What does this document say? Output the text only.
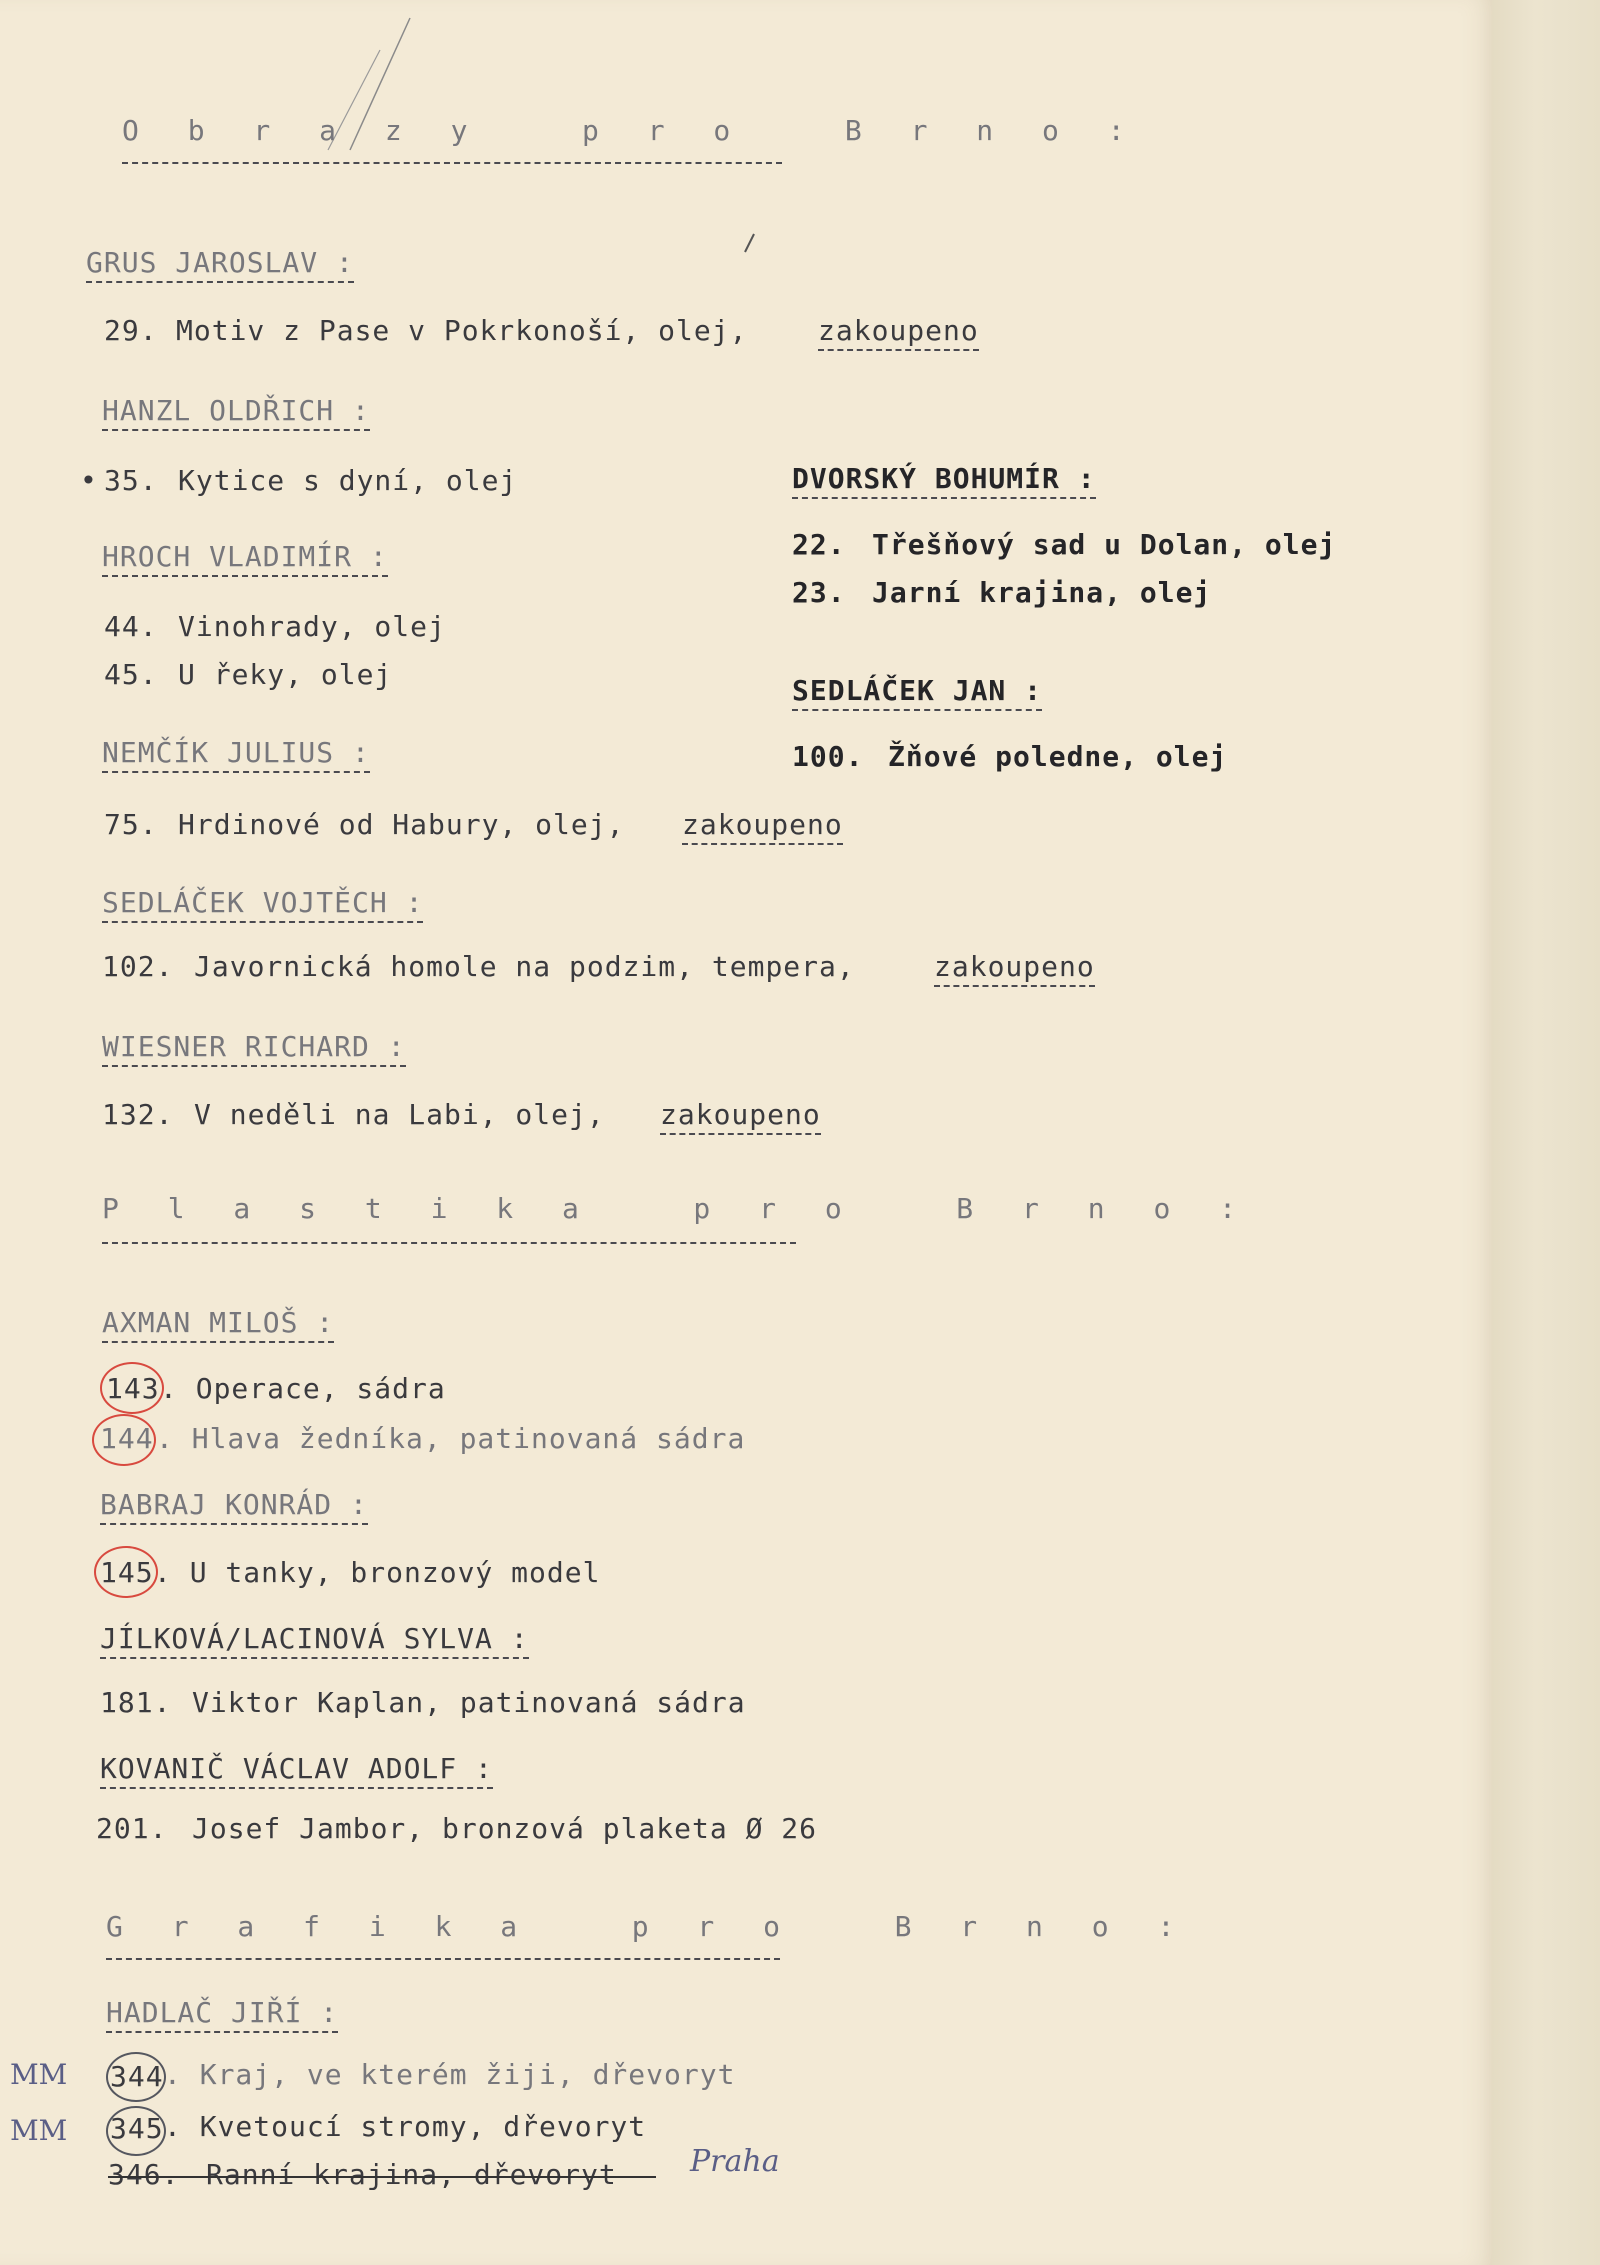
O b r a z y   p r o   B r n o :
GRUS JAROSLAV :
29. Motiv z Pase v Pokrkonoší, olej,	zakoupeno
HANZL OLDŘICH :
• 35. Kytice s dyní, olej
HROCH VLADIMÍR :
44. Vinohrady, olej
45. U řeky, olej
NEMČÍK JULIUS :
75. Hrdinové od Habury, olej, zakoupeno
SEDLÁČEK VOJTĚCH :
102. Javornická homole na podzim, tempera,	zakoupeno
WIESNER RICHARD :
132. V neděli na Labi, olej, zakoupeno
DVORSKÝ BOHUMÍR :
22. Třešňový sad u Dolan, olej
23. Jarní krajina, olej
SEDLÁČEK JAN :
100. Žňové poledne, olej
P l a s t i k a   p r o   B r n o :
AXMAN MILOŠ :
143 . Operace, sádra
144 . Hlava žedníka, patinovaná sádra
BABRAJ KONRÁD :
145 . U tanky, bronzový model
JÍLKOVÁ/LACINOVÁ SYLVA :
181. Viktor Kaplan, patinovaná sádra
KOVANIČ VÁCLAV ADOLF :
201. Josef Jambor, bronzová plaketa Ø 26
G r a f i k a   p r o   B r n o :
HADLAČ JIŘÍ :
MM 344 . Kraj, ve kterém žiji, dřevoryt
MM 345 . Kvetoucí stromy, dřevoryt
346. Ranní krajina, dřevoryt Praha
